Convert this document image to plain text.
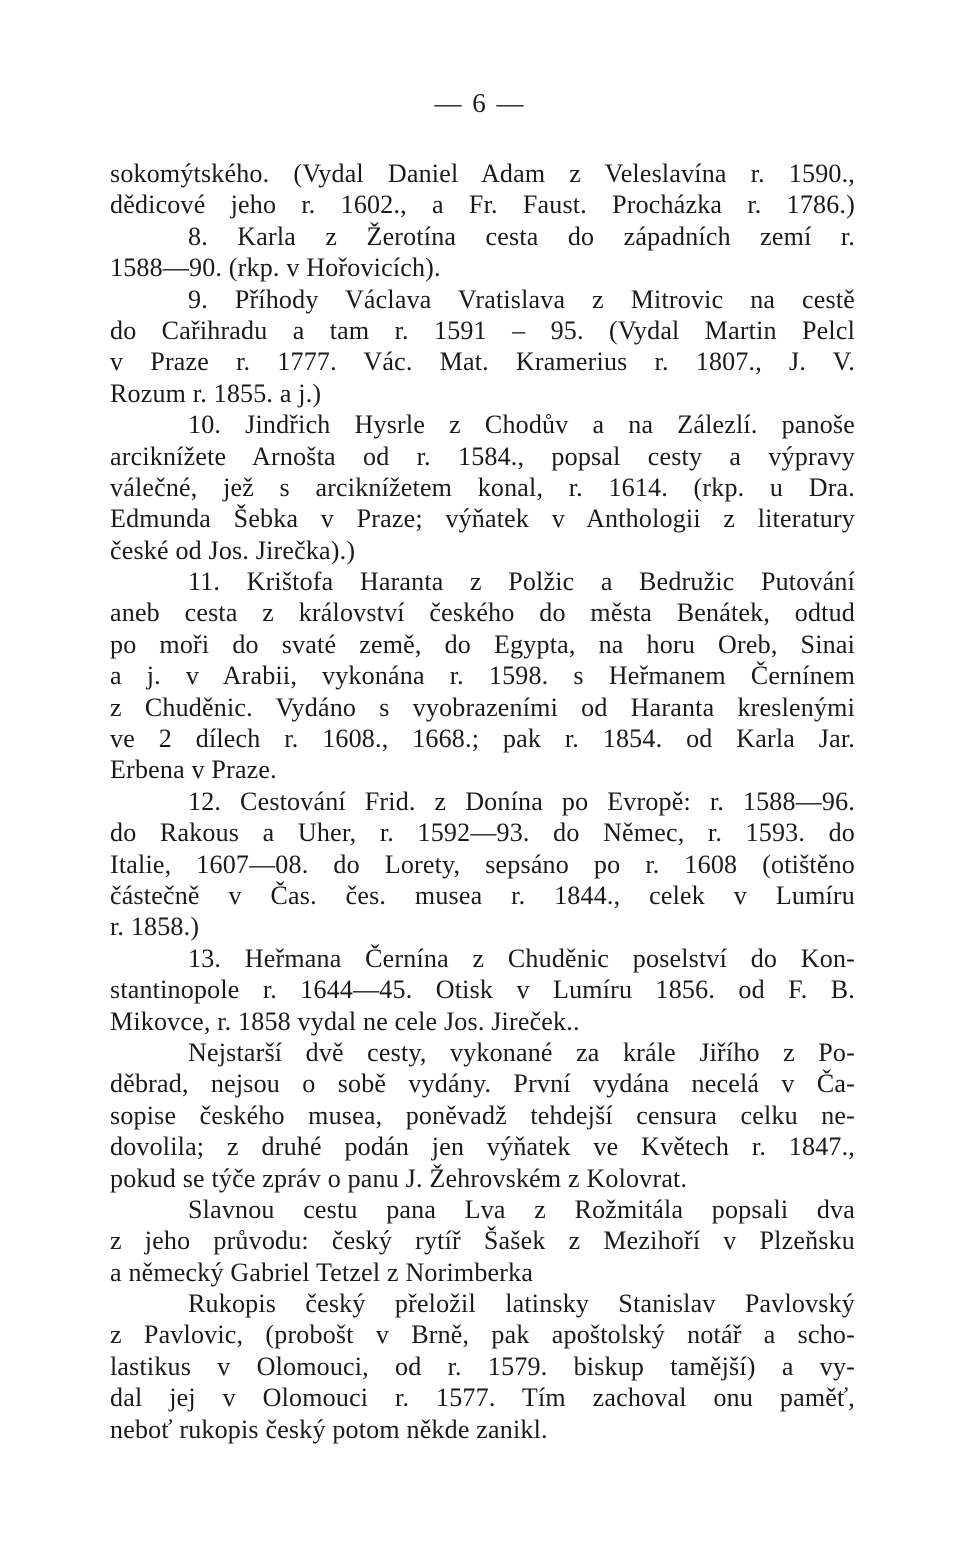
— 6 —
sokomýtského. (Vydal Daniel Adam z Veleslavína r. 1590.,
dědicové jeho r. 1602., a Fr. Faust. Procházka r. 1786.)
8. Karla z Žerotína cesta do západních zemí r.
1588—90. (rkp. v Hořovicích).
9. Příhody Václava Vratislava z Mitrovic na cestě
do Cařihradu a tam r. 1591 – 95. (Vydal Martin Pelcl
v Praze r. 1777. Vác. Mat. Kramerius r. 1807., J. V.
Rozum r. 1855. a j.)
10. Jindřich Hysrle z Chodův a na Zálezlí. panoše
arciknížete Arnošta od r. 1584., popsal cesty a výpravy
válečné, jež s arciknížetem konal, r. 1614. (rkp. u Dra.
Edmunda Šebka v Praze; výňatek v Anthologii z literatury
české od Jos. Jirečka).)
11. Krištofa Haranta z Polžic a Bedružic Putování
aneb cesta z království českého do města Benátek, odtud
po moři do svaté země, do Egypta, na horu Oreb, Sinai
a j. v Arabii, vykonána r. 1598. s Heřmanem Černínem
z Chuděnic. Vydáno s vyobrazeními od Haranta kreslenými
ve 2 dílech r. 1608., 1668.; pak r. 1854. od Karla Jar.
Erbena v Praze.
12. Cestování Frid. z Donína po Evropě: r. 1588—96.
do Rakous a Uher, r. 1592—93. do Němec, r. 1593. do
Italie, 1607—08. do Lorety, sepsáno po r. 1608 (otištěno
částečně v Čas. čes. musea r. 1844., celek v Lumíru
r. 1858.)
13. Heřmana Černína z Chuděnic poselství do Kon-
stantinopole r. 1644—45. Otisk v Lumíru 1856. od F. B.
Mikovce, r. 1858 vydal ne cele Jos. Jireček..
Nejstarší dvě cesty, vykonané za krále Jiřího z Po-
děbrad, nejsou o sobě vydány. První vydána necelá v Ča-
sopise českého musea, poněvadž tehdejší censura celku ne-
dovolila; z druhé podán jen výňatek ve Květech r. 1847.,
pokud se týče zpráv o panu J. Žehrovském z Kolovrat.
Slavnou cestu pana Lva z Rožmitála popsali dva
z jeho průvodu: český rytíř Šašek z Mezihoří v Plzeňsku
a německý Gabriel Tetzel z Norimberka
Rukopis český přeložil latinsky Stanislav Pavlovský
z Pavlovic, (probošt v Brně, pak apoštolský notář a scho-
lastikus v Olomouci, od r. 1579. biskup tamější) a vy-
dal jej v Olomouci r. 1577. Tím zachoval onu paměť,
neboť rukopis český potom někde zanikl.
